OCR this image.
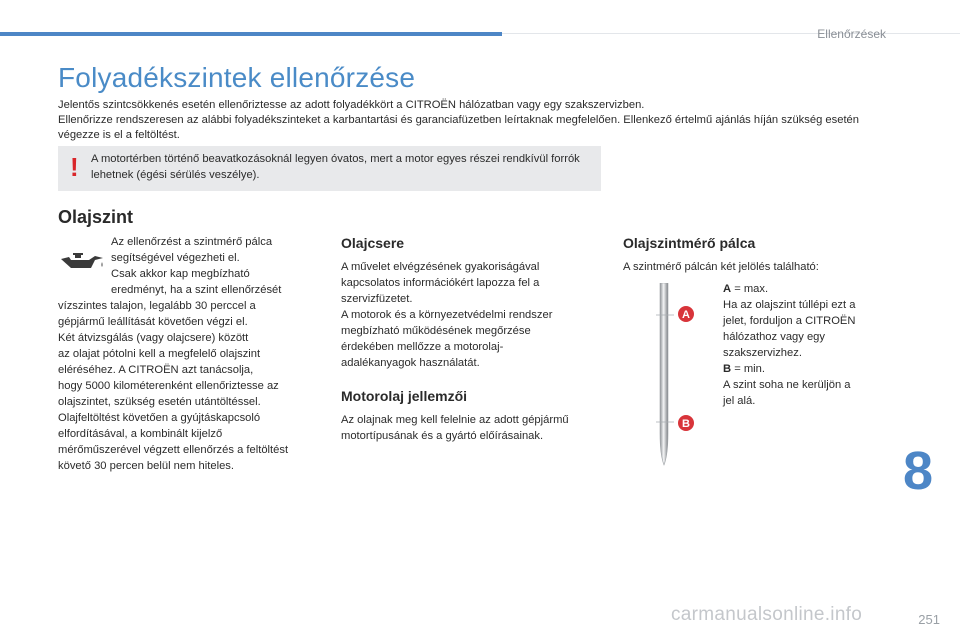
Ellenőrzések
Folyadékszintek ellenőrzése

Jelentős szintcsökkenés esetén ellenőriztesse az adott folyadékkört a CITROËN hálózatban vagy egy szakszervizben.

Ellenőrizze rendszeresen az alábbi folyadékszinteket a karbantartási és garanciafüzetben leírtaknak megfelelően. Ellenkező értelmű ajánlás híján szükség esetén végezze is el a feltöltést.

! A motortérben történő beavatkozásoknál legyen óvatos, mert a motor egyes részei rendkívül forrók lehetnek (égési sérülés veszélye).
Olajszint

Az ellenőrzést a szintmérő pálca

segítségével végezheti el.

Csak akkor kap megbízható

eredményt, ha a szint ellenőrzését

vízszintes talajon, legalább 30 perccel a

gépjármű leállítását követően végzi el.

Két átvizsgálás (vagy olajcsere) között

az olajat pótolni kell a megfelelő olajszint

eléréséhez. A CITROËN azt tanácsolja,

hogy 5000 kilométerenként ellenőriztesse az

olajszintet, szükség esetén utántöltéssel.

Olajfeltöltést követően a gyújtáskapcsoló

elfordításával, a kombinált kijelző

mérőműszerével végzett ellenőrzés a feltöltést

követő 30 percen belül nem hiteles.

Olajcsere

A művelet elvégzésének gyakoriságával

kapcsolatos információkért lapozza fel a

szervizfüzetet.

A motorok és a környezetvédelmi rendszer

megbízható működésének megőrzése

érdekében mellőzze a motorolaj-

adalékanyagok használatát.

Motorolaj jellemzői

Az olajnak meg kell felelnie az adott gépjármű

motortípusának és a gyártó előírásainak.

Olajszintmérő pálca
A szintmérő pálcán két jelölés található:
A
B

A = max.

Ha az olajszint túllépi ezt a

jelet, forduljon a CITROËN

hálózathoz vagy egy

szakszervizhez.

B = min.

A szint soha ne kerüljön a

jel alá.

8
carmanualsonline.info	251
